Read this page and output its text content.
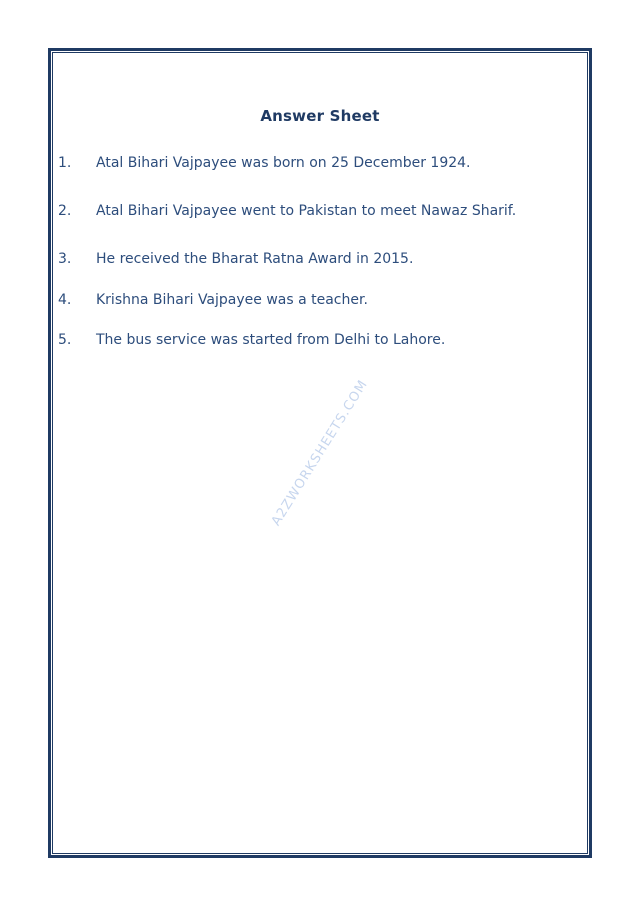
Answer Sheet
1. Atal Bihari Vajpayee was born on 25 December 1924.
2. Atal Bihari Vajpayee went to Pakistan to meet Nawaz Sharif.
3. He received the Bharat Ratna Award in 2015.
4. Krishna Bihari Vajpayee was a teacher.
5. The bus service was started from Delhi to Lahore.
A2ZWORKSHEETS.COM
